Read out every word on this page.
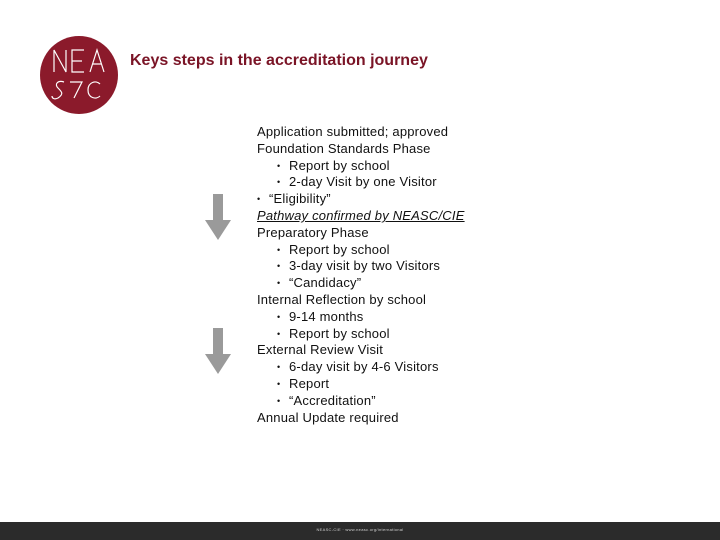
Keys steps in the accreditation journey
Application submitted; approved
Foundation Standards Phase
• Report by school
• 2-day Visit by one Visitor
• “Eligibility”
Pathway confirmed by NEASC/CIE
Preparatory Phase
• Report by school
• 3-day visit by two Visitors
• “Candidacy”
Internal Reflection by school
• 9-14 months
• Report by school
External Review Visit
• 6-day visit by 4-6 Visitors
• Report
• “Accreditation”
Annual Update required
NEASC-CIE · www.neasc.org/international
